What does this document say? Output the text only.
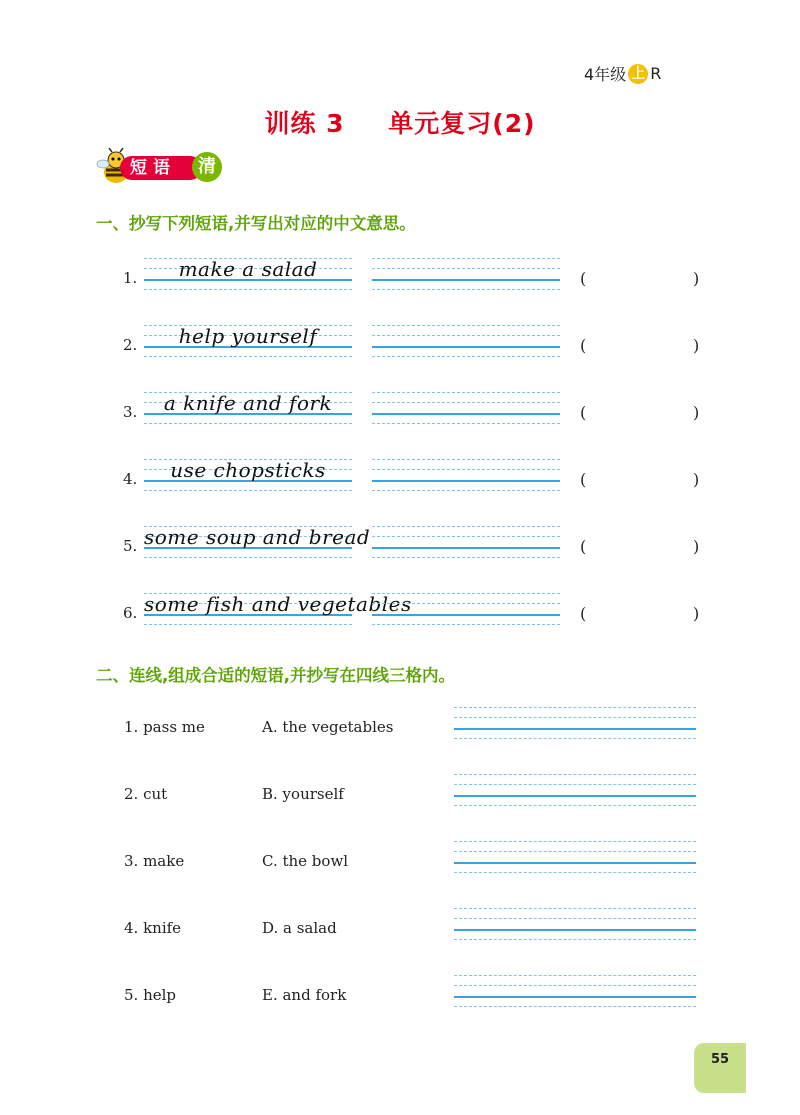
4年级 上 R
训练 3 单元复习(2)
短语	清
一、抄写下列短语,并写出对应的中文意思。
1.	make a salad	(	)
2.	help yourself	(	)
3.	a knife and fork	(	)
4.	use chopsticks	(	)
5. some soup and bread	(	)
6. some fish and vegetables	(	)
二、连线,组成合适的短语,并抄写在四线三格内。
1. pass me	A. the vegetables
2. cut	B. yourself
3. make	C. the bowl
4. knife	D. a salad
5. help	E. and fork
55
